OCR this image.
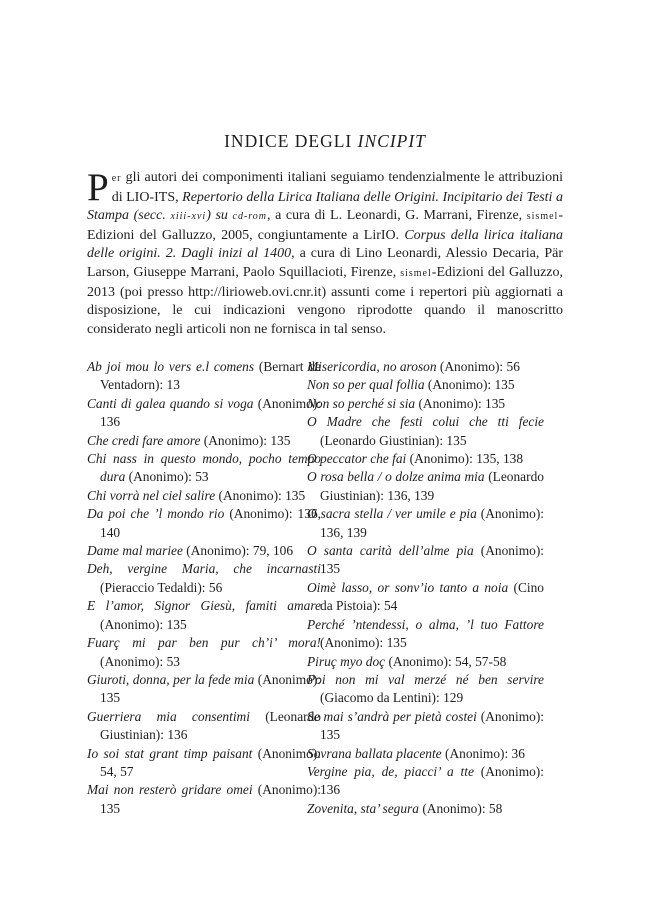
INDICE DEGLI INCIPIT

Per gli autori dei componimenti italiani seguiamo tendenzialmente le attribuzioni di LIO-ITS, Repertorio della Lirica Italiana delle Origini. Incipitario dei Testi a Stampa (secc. xiii-xvi) su cd-rom, a cura di L. Leonardi, G. Marrani, Firenze, sismel-Edizioni del Galluzzo, 2005, congiuntamente a LirIO. Corpus della lirica italiana delle origini. 2. Dagli inizi al 1400, a cura di Lino Leonardi, Alessio Decaria, Pär Larson, Giuseppe Marrani, Paolo Squillacioti, Firenze, sismel-Edizioni del Galluzzo, 2013 (poi presso http://lirioweb.ovi.cnr.it) assunti come i repertori più aggiornati a disposizione, le cui indicazioni vengono riprodotte quando il manoscritto considerato negli articoli non ne fornisca in tal senso.

Ab joi mou lo vers e.l comens (Bernart de Ventadorn): 13

Canti di galea quando si voga (Anonimo): 136

Che credi fare amore (Anonimo): 135

Chi nass in questo mondo, pocho tempo dura (Anonimo): 53

Chi vorrà nel ciel salire (Anonimo): 135

Da poi che ’l mondo rio (Anonimo): 136, 140

Dame mal mariee (Anonimo): 79, 106

Deh, vergine Maria, che incarnasti (Pieraccio Tedaldi): 56

E l’amor, Signor Giesù, famiti amare (Anonimo): 135

Fuarç mi par ben pur ch’i’ mora! (Anonimo): 53

Giuroti, donna, per la fede mia (Anonimo): 135

Guerriera mia consentimi (Leonardo Giustinian): 136

Io soi stat grant timp paisant (Anonimo): 54, 57

Mai non resterò gridare omei (Anonimo): 135

Misericordia, no aroson (Anonimo): 56

Non so per qual follia (Anonimo): 135

Non so perché si sia (Anonimo): 135

O Madre che festi colui che tti fecie (Leonardo Giustinian): 135

O peccator che fai (Anonimo): 135, 138

O rosa bella / o dolze anima mia (Leonardo Giustinian): 136, 139

O sacra stella / ver umile e pia (Anonimo): 136, 139

O santa carità dell’alme pia (Anonimo): 135

Oimè lasso, or sonv’io tanto a noia (Cino da Pistoia): 54

Perché ’ntendessi, o alma, ’l tuo Fattore (Anonimo): 135

Piruç myo doç (Anonimo): 54, 57-58

Poi non mi val merzé né ben servire (Giacomo da Lentini): 129

Se mai s’andrà per pietà costei (Anonimo): 135

Sovrana ballata placente (Anonimo): 36

Vergine pia, de, piacci’ a tte (Anonimo): 136

Zovenita, sta’ segura (Anonimo): 58
